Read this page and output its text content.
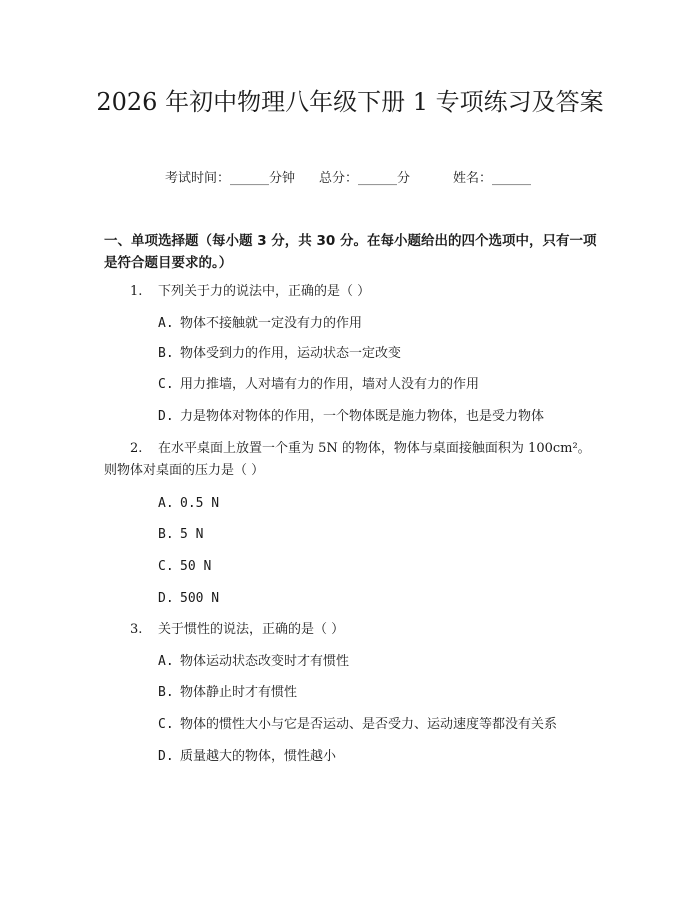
2026 年初中物理八年级下册 1 专项练习及答案
考试时间：______分钟 总分：______分	姓名：______
一、单项选择题（每小题 3 分，共 30 分。在每小题给出的四个选项中，只有一项是符合题目要求的。）
1. 下列关于力的说法中，正确的是（ ）
A. 物体不接触就一定没有力的作用
B. 物体受到力的作用，运动状态一定改变
C. 用力推墙，人对墙有力的作用，墙对人没有力的作用
D. 力是物体对物体的作用，一个物体既是施力物体，也是受力物体
2. 在水平桌面上放置一个重为 5N 的物体，物体与桌面接触面积为 100cm²。
则物体对桌面的压力是（ ）
A. 0.5 N
B. 5 N
C. 50 N
D. 500 N
3. 关于惯性的说法，正确的是（ ）
A. 物体运动状态改变时才有惯性
B. 物体静止时才有惯性
C. 物体的惯性大小与它是否运动、是否受力、运动速度等都没有关系
D. 质量越大的物体，惯性越小
